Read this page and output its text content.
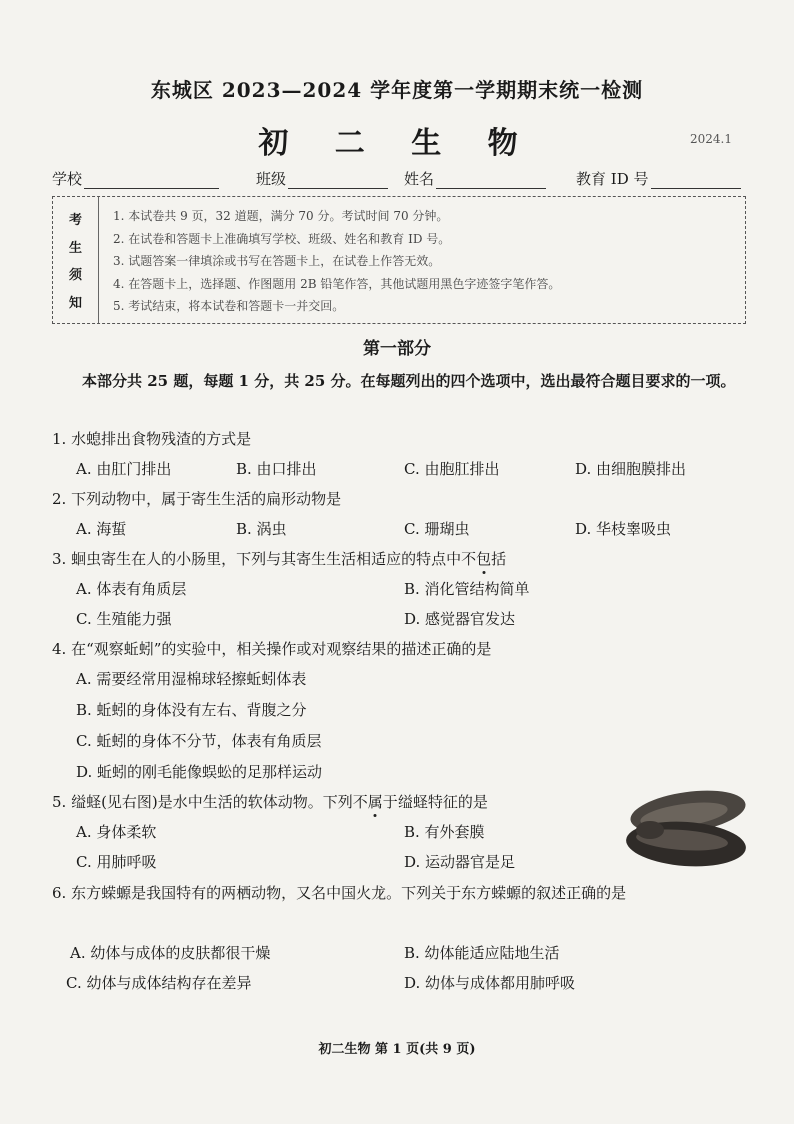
东城区 2023—2024 学年度第一学期期末统一检测
初 二 生 物	2024.1
学校	班级	姓名	教育 ID 号
考
生
须
知
1. 本试卷共 9 页，32 道题，满分 70 分。考试时间 70 分钟。
2. 在试卷和答题卡上准确填写学校、班级、姓名和教育 ID 号。
3. 试题答案一律填涂或书写在答题卡上，在试卷上作答无效。
4. 在答题卡上，选择题、作图题用 2B 铅笔作答，其他试题用黑色字迹签字笔作答。
5. 考试结束，将本试卷和答题卡一并交回。
第一部分
本部分共 25 题，每题 1 分，共 25 分。在每题列出的四个选项中，选出最符合题目要求的一项。
1. 水螅排出食物残渣的方式是
A. 由肛门排出	B. 由口排出	C. 由胞肛排出	D. 由细胞膜排出
2. 下列动物中，属于寄生生活的扁形动物是
A. 海蜇	B. 涡虫	C. 珊瑚虫	D. 华枝睾吸虫
3. 蛔虫寄生在人的小肠里，下列与其寄生生活相适应的特点中不包括
A. 体表有角质层	B. 消化管结构简单
C. 生殖能力强	D. 感觉器官发达
4. 在“观察蚯蚓”的实验中，相关操作或对观察结果的描述正确的是
A. 需要经常用湿棉球轻擦蚯蚓体表
B. 蚯蚓的身体没有左右、背腹之分
C. 蚯蚓的身体不分节，体表有角质层
D. 蚯蚓的刚毛能像蜈蚣的足那样运动
5. 缢蛏(见右图)是水中生活的软体动物。下列不属于缢蛏特征的是
A. 身体柔软	B. 有外套膜
C. 用肺呼吸	D. 运动器官是足
6. 东方蝾螈是我国特有的两栖动物，又名中国火龙。下列关于东方蝾螈的叙述正确的是
A. 幼体与成体的皮肤都很干燥	B. 幼体能适应陆地生活
C. 幼体与成体结构存在差异	D. 幼体与成体都用肺呼吸
初二生物 第 1 页(共 9 页)
